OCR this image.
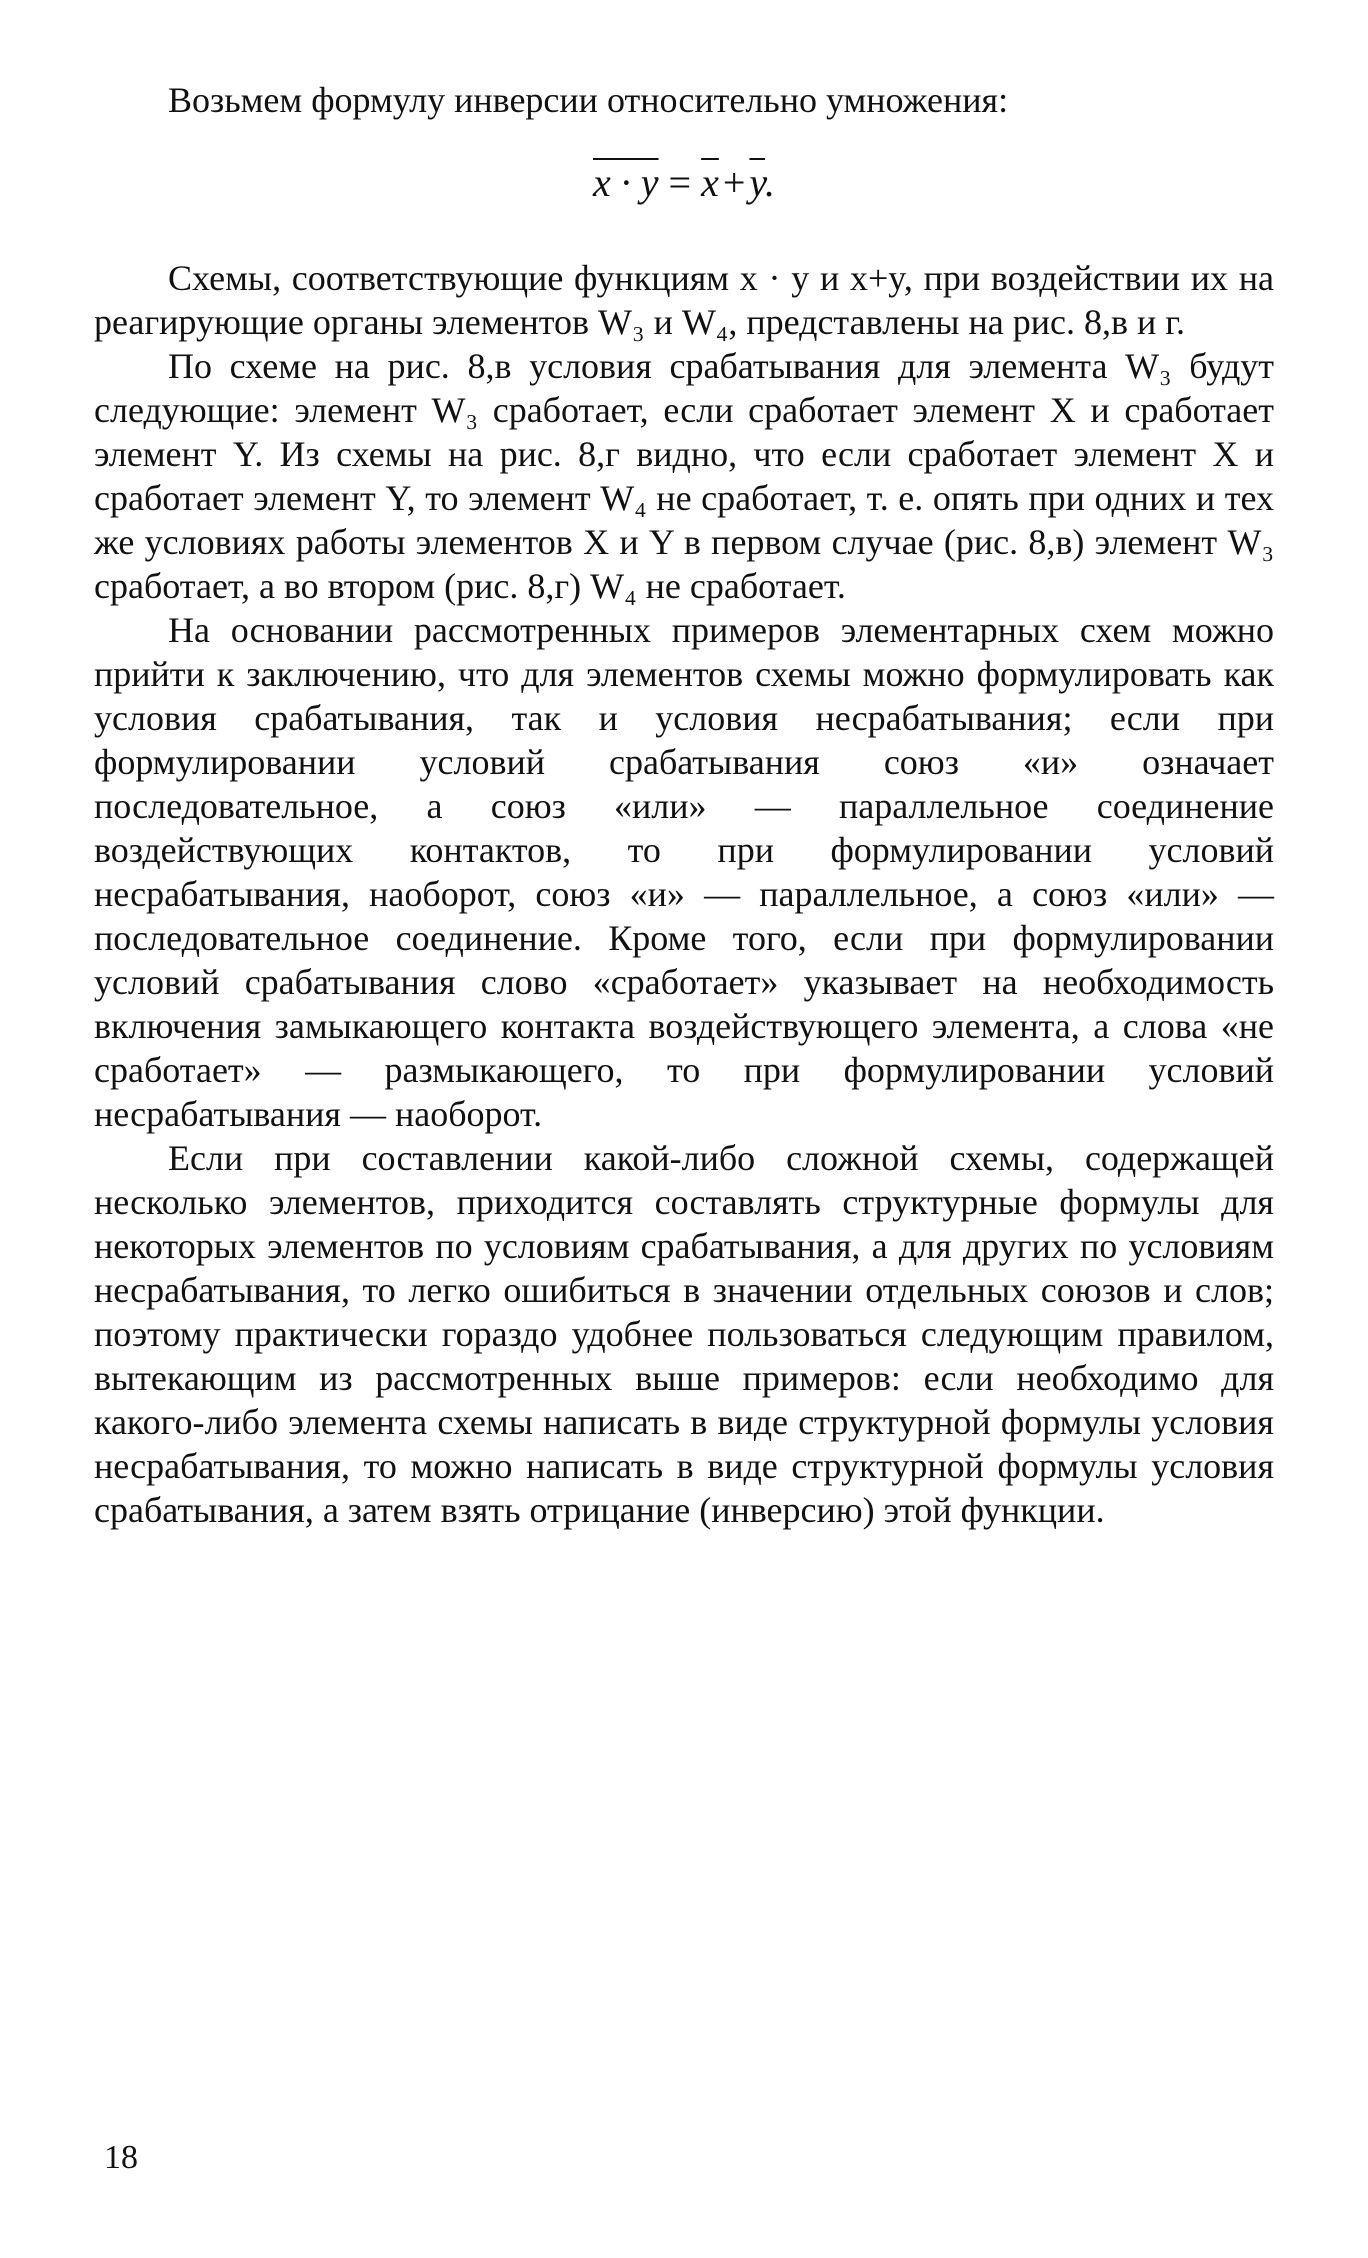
Возьмем формулу инверсии относительно умножения:

$x \cdot y = \overline{x} + \overline{y}$.

Схемы, соответствующие функциям x · y и x+y, при воздействии их на реагирующие органы элементов W₃ и W₄, представлены на рис. 8,в и г.

По схеме на рис. 8,в условия срабатывания для элемента W₃ будут следующие: элемент W₃ сработает, если сработает элемент X и сработает элемент Y. Из схемы на рис. 8,г видно, что если сработает элемент X и сработает элемент Y, то элемент W₄ не сработает, т. е. опять при одних и тех же условиях работы элементов X и Y в первом случае (рис. 8,в) элемент W₃ сработает, а во втором (рис. 8,г) W₄ не сработает.

На основании рассмотренных примеров элементарных схем можно прийти к заключению, что для элементов схемы можно формулировать как условия срабатывания, так и условия несрабатывания; если при формулировании условий срабатывания союз «и» означает последовательное, а союз «или» — параллельное соединение воздействующих контактов, то при формулировании условий несрабатывания, наоборот, союз «и» — параллельное, а союз «или» — последовательное соединение. Кроме того, если при формулировании условий срабатывания слово «сработает» указывает на необходимость включения замыкающего контакта воздействующего элемента, а слова «не сработает» — размыкающего, то при формулировании условий несрабатывания — наоборот.

Если при составлении какой-либо сложной схемы, содержащей несколько элементов, приходится составлять структурные формулы для некоторых элементов по условиям срабатывания, а для других по условиям несрабатывания, то легко ошибиться в значении отдельных союзов и слов; поэтому практически гораздо удобнее пользоваться следующим правилом, вытекающим из рассмотренных выше примеров: если необходимо для какого-либо элемента схемы написать в виде структурной формулы условия несрабатывания, то можно написать в виде структурной формулы условия срабатывания, а затем взять отрицание (инверсию) этой функции.

18
